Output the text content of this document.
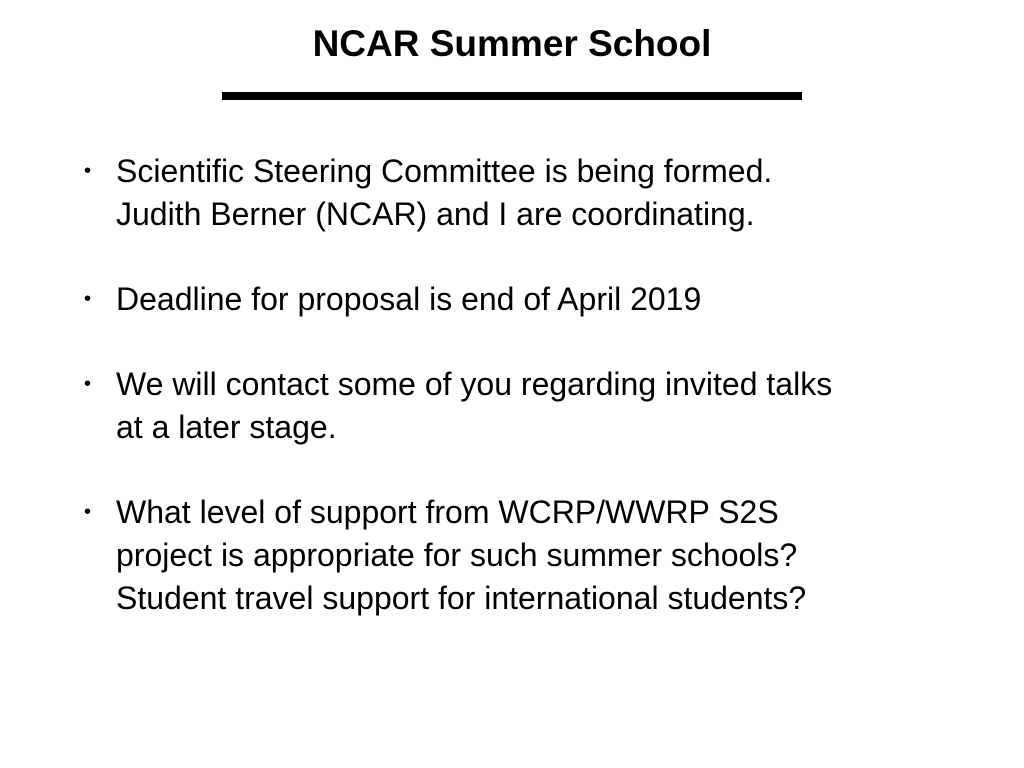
NCAR Summer School
• Scientific Steering Committee is being formed.
Judith Berner (NCAR) and I are coordinating.
• Deadline for proposal is end of April 2019
• We will contact some of you regarding invited talks
at a later stage.
• What level of support from WCRP/WWRP S2S
project is appropriate for such summer schools?
Student travel support for international students?
